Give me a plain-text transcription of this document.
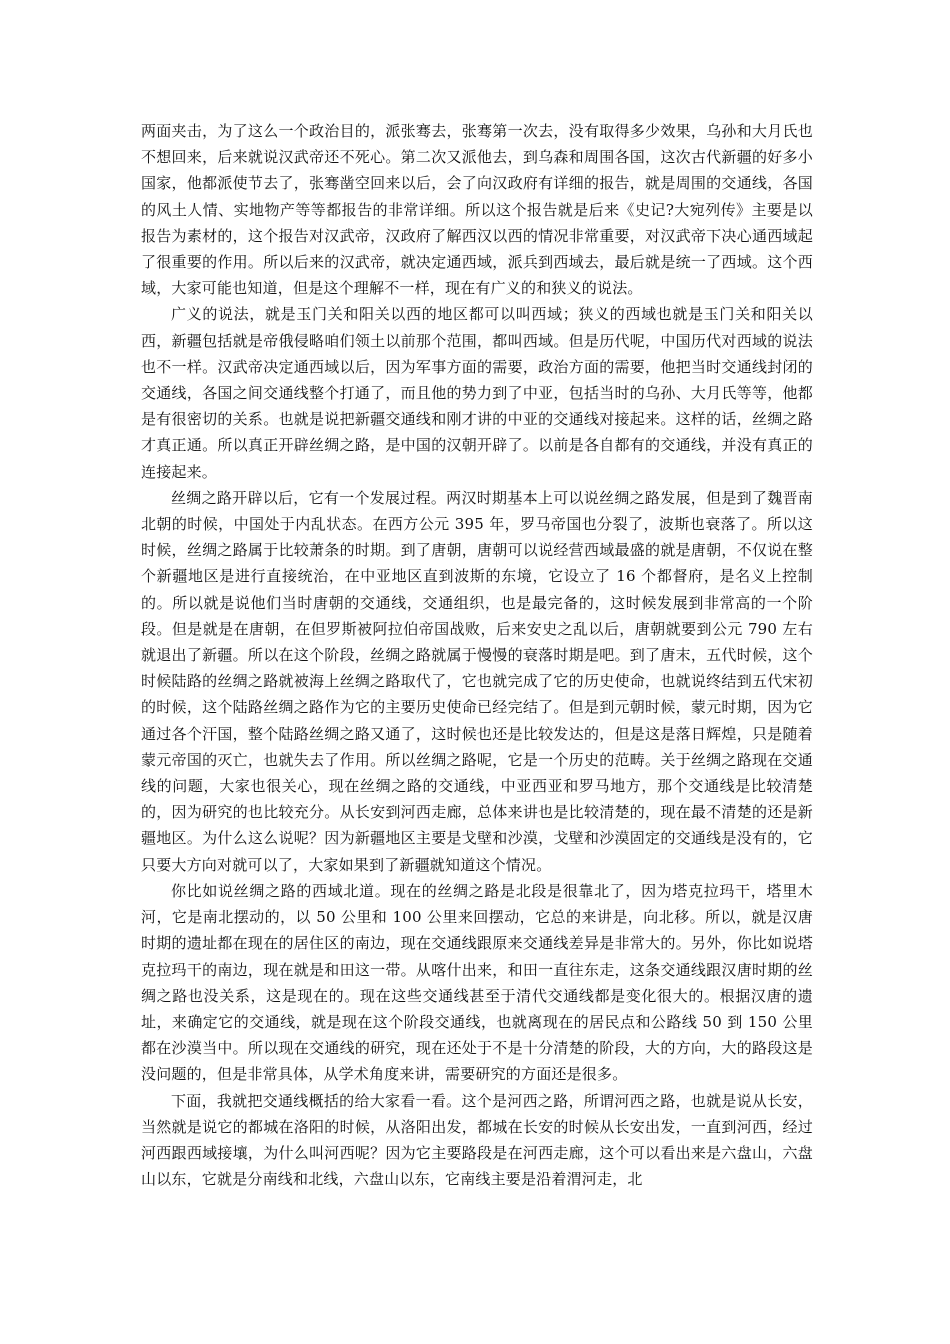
两面夹击，为了这么一个政治目的，派张骞去，张骞第一次去，没有取得多少效果，乌孙和大月氏也不想回来，后来就说汉武帝还不死心。第二次又派他去，到乌森和周围各国，这次古代新疆的好多小国家，他都派使节去了，张骞凿空回来以后，会了向汉政府有详细的报告，就是周围的交通线，各国的风土人情、实地物产等等都报告的非常详细。所以这个报告就是后来《史记?大宛列传》主要是以报告为素材的，这个报告对汉武帝，汉政府了解西汉以西的情况非常重要，对汉武帝下决心通西域起了很重要的作用。所以后来的汉武帝，就决定通西域，派兵到西域去，最后就是统一了西域。这个西域，大家可能也知道，但是这个理解不一样，现在有广义的和狭义的说法。

广义的说法，就是玉门关和阳关以西的地区都可以叫西域；狭义的西域也就是玉门关和阳关以西，新疆包括就是帝俄侵略咱们领土以前那个范围，都叫西域。但是历代呢，中国历代对西域的说法也不一样。汉武帝决定通西域以后，因为军事方面的需要，政治方面的需要，他把当时交通线封闭的交通线，各国之间交通线整个打通了，而且他的势力到了中亚，包括当时的乌孙、大月氏等等，他都是有很密切的关系。也就是说把新疆交通线和刚才讲的中亚的交通线对接起来。这样的话，丝绸之路才真正通。所以真正开辟丝绸之路，是中国的汉朝开辟了。以前是各自都有的交通线，并没有真正的连接起来。

丝绸之路开辟以后，它有一个发展过程。两汉时期基本上可以说丝绸之路发展，但是到了魏晋南北朝的时候，中国处于内乱状态。在西方公元 395 年，罗马帝国也分裂了，波斯也衰落了。所以这时候，丝绸之路属于比较萧条的时期。到了唐朝，唐朝可以说经营西域最盛的就是唐朝，不仅说在整个新疆地区是进行直接统治，在中亚地区直到波斯的东境，它设立了 16 个都督府，是名义上控制的。所以就是说他们当时唐朝的交通线，交通组织，也是最完备的，这时候发展到非常高的一个阶段。但是就是在唐朝，在但罗斯被阿拉伯帝国战败，后来安史之乱以后，唐朝就要到公元 790 左右就退出了新疆。所以在这个阶段，丝绸之路就属于慢慢的衰落时期是吧。到了唐末，五代时候，这个时候陆路的丝绸之路就被海上丝绸之路取代了，它也就完成了它的历史使命，也就说终结到五代宋初的时候，这个陆路丝绸之路作为它的主要历史使命已经完结了。但是到元朝时候，蒙元时期，因为它通过各个汗国，整个陆路丝绸之路又通了，这时候也还是比较发达的，但是这是落日辉煌，只是随着蒙元帝国的灭亡，也就失去了作用。所以丝绸之路呢，它是一个历史的范畴。关于丝绸之路现在交通线的问题，大家也很关心，现在丝绸之路的交通线，中亚西亚和罗马地方，那个交通线是比较清楚的，因为研究的也比较充分。从长安到河西走廊，总体来讲也是比较清楚的，现在最不清楚的还是新疆地区。为什么这么说呢？因为新疆地区主要是戈壁和沙漠，戈壁和沙漠固定的交通线是没有的，它只要大方向对就可以了，大家如果到了新疆就知道这个情况。

你比如说丝绸之路的西域北道。现在的丝绸之路是北段是很靠北了，因为塔克拉玛干，塔里木河，它是南北摆动的，以 50 公里和 100 公里来回摆动，它总的来讲是，向北移。所以，就是汉唐时期的遗址都在现在的居住区的南边，现在交通线跟原来交通线差异是非常大的。另外，你比如说塔克拉玛干的南边，现在就是和田这一带。从喀什出来，和田一直往东走，这条交通线跟汉唐时期的丝绸之路也没关系，这是现在的。现在这些交通线甚至于清代交通线都是变化很大的。根据汉唐的遗址，来确定它的交通线，就是现在这个阶段交通线，也就离现在的居民点和公路线 50 到 150 公里都在沙漠当中。所以现在交通线的研究，现在还处于不是十分清楚的阶段，大的方向，大的路段这是没问题的，但是非常具体，从学术角度来讲，需要研究的方面还是很多。

下面，我就把交通线概括的给大家看一看。这个是河西之路，所谓河西之路，也就是说从长安，当然就是说它的都城在洛阳的时候，从洛阳出发，都城在长安的时候从长安出发，一直到河西，经过河西跟西域接壤，为什么叫河西呢？因为它主要路段是在河西走廊，这个可以看出来是六盘山，六盘山以东，它就是分南线和北线，六盘山以东，它南线主要是沿着渭河走，北
